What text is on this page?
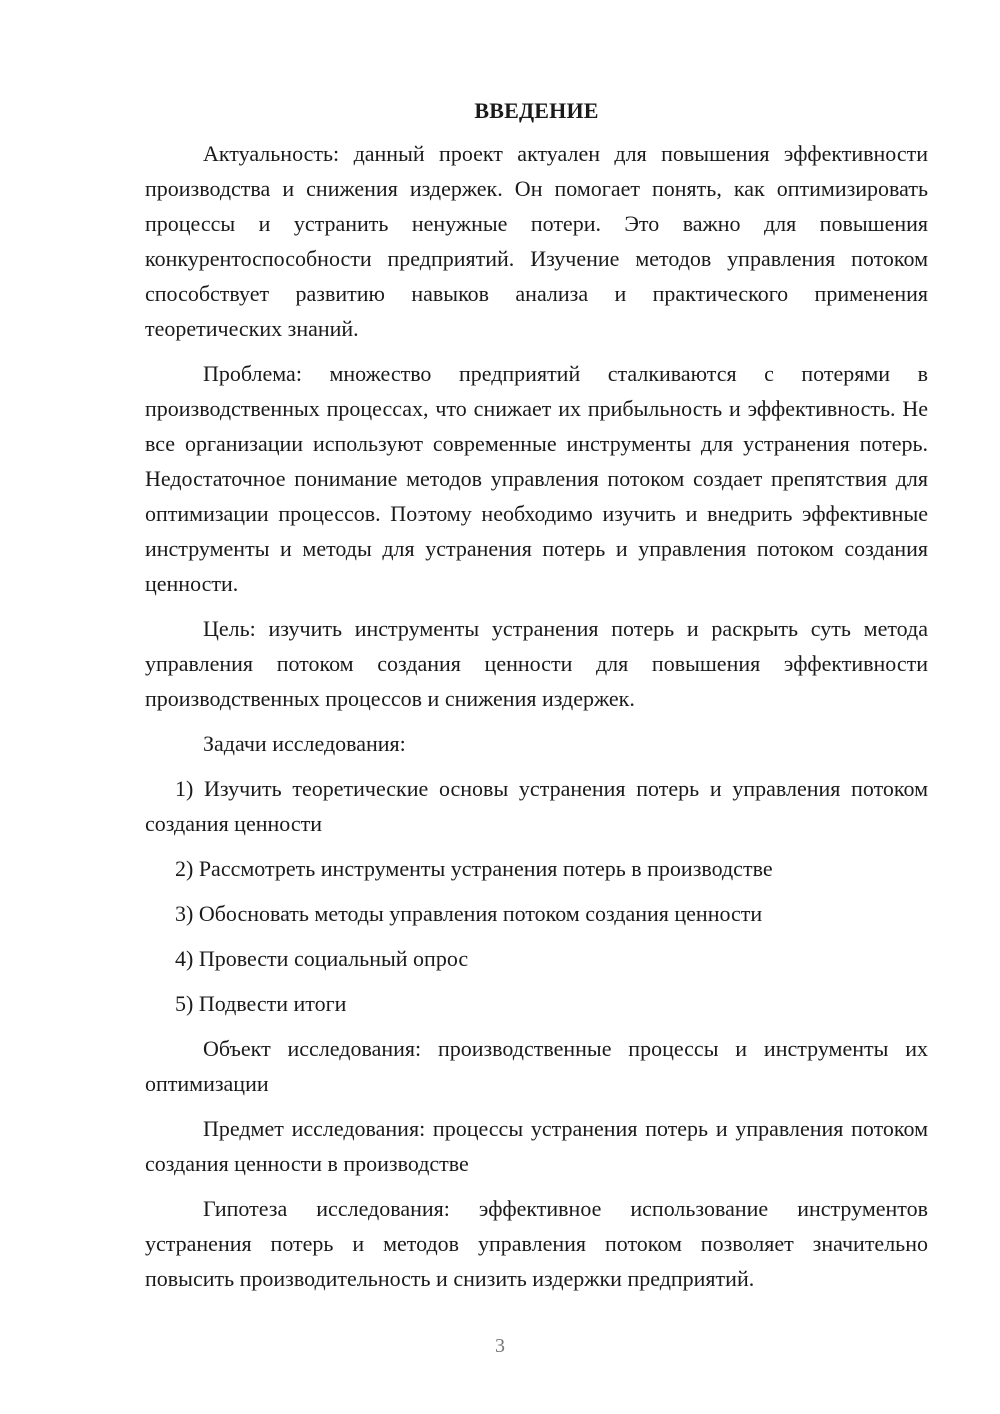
ВВЕДЕНИЕ

Актуальность: данный проект актуален для повышения эффективности производства и снижения издержек. Он помогает понять, как оптимизировать процессы и устранить ненужные потери. Это важно для повышения конкурентоспособности предприятий. Изучение методов управления потоком способствует развитию навыков анализа и практического применения теоретических знаний.

Проблема: множество предприятий сталкиваются с потерями в производственных процессах, что снижает их прибыльность и эффективность. Не все организации используют современные инструменты для устранения потерь. Недостаточное понимание методов управления потоком создает препятствия для оптимизации процессов. Поэтому необходимо изучить и внедрить эффективные инструменты и методы для устранения потерь и управления потоком создания ценности.

Цель: изучить инструменты устранения потерь и раскрыть суть метода управления потоком создания ценности для повышения эффективности производственных процессов и снижения издержек.

Задачи исследования:

1) Изучить теоретические основы устранения потерь и управления потоком создания ценности

2) Рассмотреть инструменты устранения потерь в производстве

3) Обосновать методы управления потоком создания ценности

4) Провести социальный опрос

5) Подвести итоги

Объект исследования: производственные процессы и инструменты их оптимизации

Предмет исследования: процессы устранения потерь и управления потоком создания ценности в производстве

Гипотеза исследования: эффективное использование инструментов устранения потерь и методов управления потоком позволяет значительно повысить производительность и снизить издержки предприятий.

3
